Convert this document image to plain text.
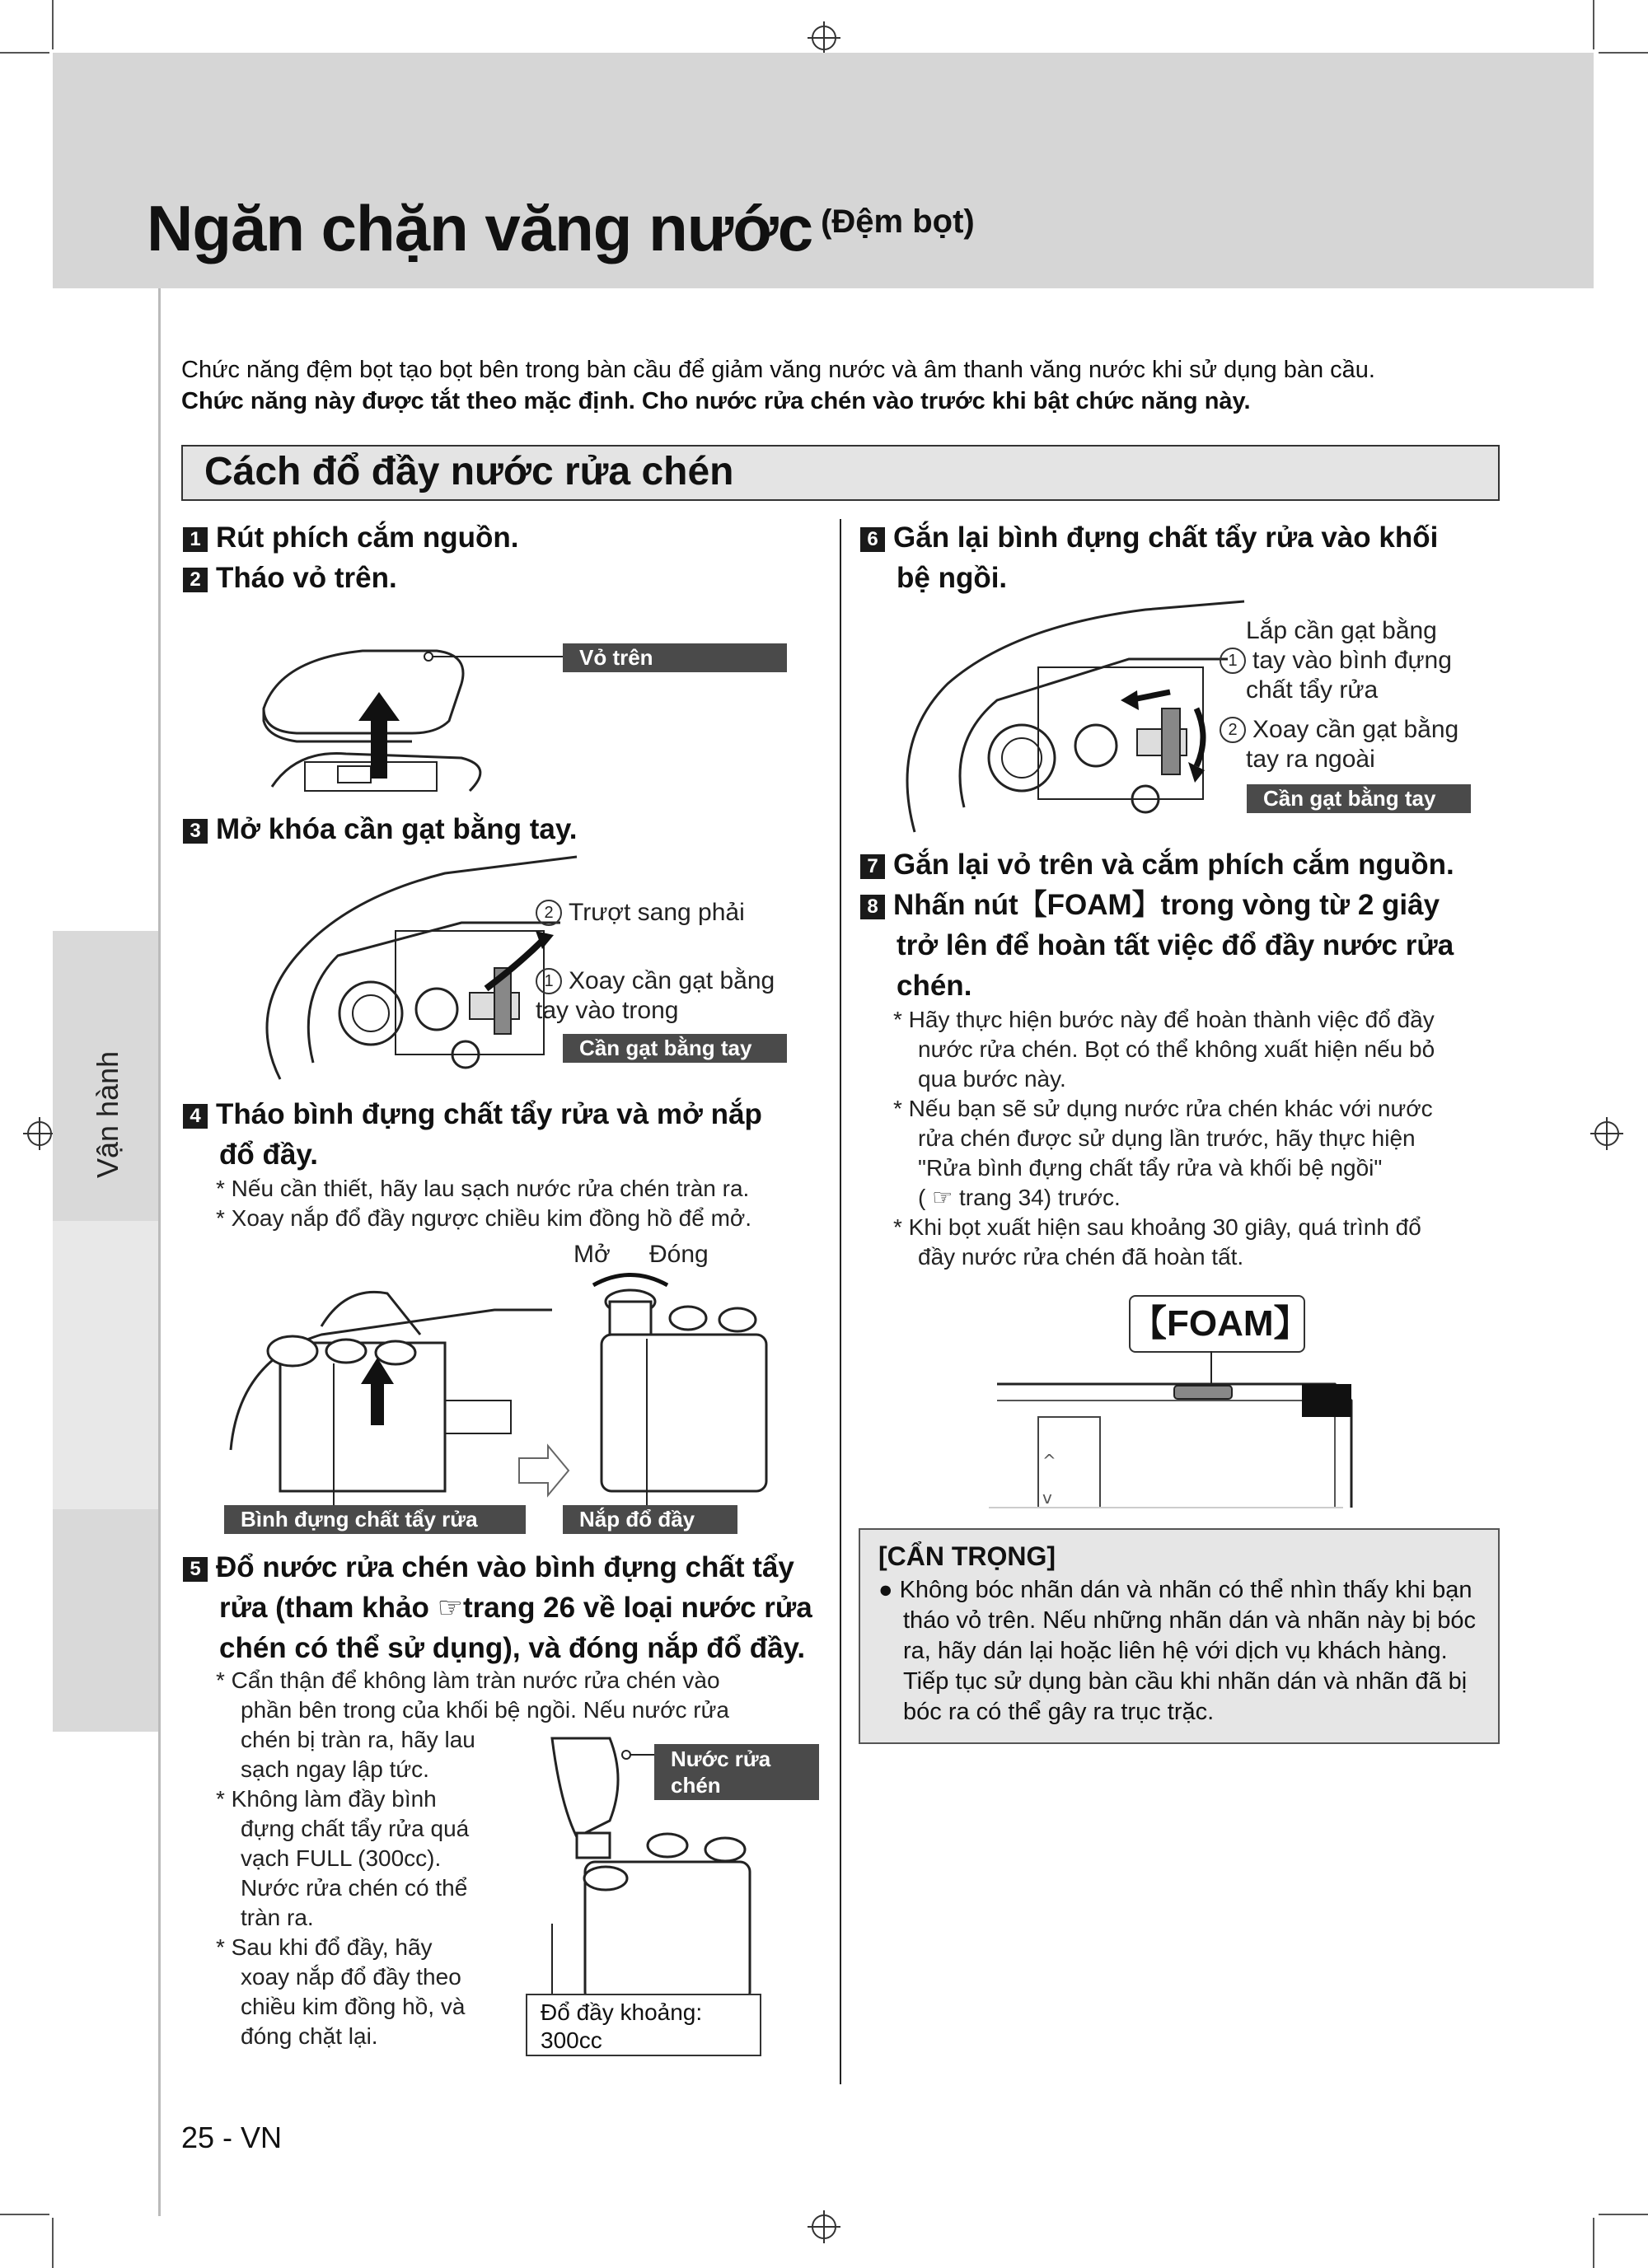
Ngăn chặn văng nước $^{(Đệm bọt)}$
Vận hành
Chức năng đệm bọt tạo bọt bên trong bàn cầu để giảm văng nước và âm thanh văng nước khi sử dụng bàn cầu.
Chức năng này được tắt theo mặc định. Cho nước rửa chén vào trước khi bật chức năng này.
Cách đổ đầy nước rửa chén
1 Rút phích cắm nguồn.
2 Tháo vỏ trên.
Vỏ trên
3 Mở khóa cần gạt bằng tay.
2 Trượt sang phải
1 Xoay cần gạt bằng
tay vào trong
Cần gạt bằng tay
4 Tháo bình đựng chất tẩy rửa và mở nắp
đổ đầy.
* Nếu cần thiết, hãy lau sạch nước rửa chén tràn ra.
* Xoay nắp đổ đầy ngược chiều kim đồng hồ để mở.
Mở Đóng
Bình đựng chất tẩy rửa	Nắp đổ đầy
5 Đổ nước rửa chén vào bình đựng chất tẩy
rửa (tham khảo ☞trang 26 về loại nước rửa
chén có thể sử dụng), và đóng nắp đổ đầy.
* Cẩn thận để không làm tràn nước rửa chén vào
phần bên trong của khối bệ ngồi. Nếu nước rửa
chén bị tràn ra, hãy lau
sạch ngay lập tức.
* Không làm đầy bình
đựng chất tẩy rửa quá
vạch FULL (300cc).
Nước rửa chén có thể
tràn ra.
* Sau khi đổ đầy, hãy
xoay nắp đổ đầy theo
chiều kim đồng hồ, và
đóng chặt lại.
Nước rửa
chén
Đổ đầy khoảng:
300cc
25 - VN
6 Gắn lại bình đựng chất tẩy rửa vào khối
bệ ngồi.
Lắp cần gạt bằng
1 tay vào bình đựng
chất tẩy rửa
2 Xoay cần gạt bằng
tay ra ngoài
Cần gạt bằng tay
7 Gắn lại vỏ trên và cắm phích cắm nguồn.
8 Nhấn nút【FOAM】trong vòng từ 2 giây
trở lên để hoàn tất việc đổ đầy nước rửa
chén.
* Hãy thực hiện bước này để hoàn thành việc đổ đầy
nước rửa chén. Bọt có thể không xuất hiện nếu bỏ
qua bước này.
* Nếu bạn sẽ sử dụng nước rửa chén khác với nước
rửa chén được sử dụng lần trước, hãy thực hiện
"Rửa bình đựng chất tẩy rửa và khối bệ ngồi"
( ☞ trang 34) trước.
* Khi bọt xuất hiện sau khoảng 30 giây, quá trình đổ
đầy nước rửa chén đã hoàn tất.
【FOAM】
^
v
[CẨN TRỌNG]
● Không bóc nhãn dán và nhãn có thể nhìn thấy khi bạn tháo vỏ trên. Nếu những nhãn dán và nhãn này bị bóc ra, hãy dán lại hoặc liên hệ với dịch vụ khách hàng. Tiếp tục sử dụng bàn cầu khi nhãn dán và nhãn đã bị bóc ra có thể gây ra trục trặc.
